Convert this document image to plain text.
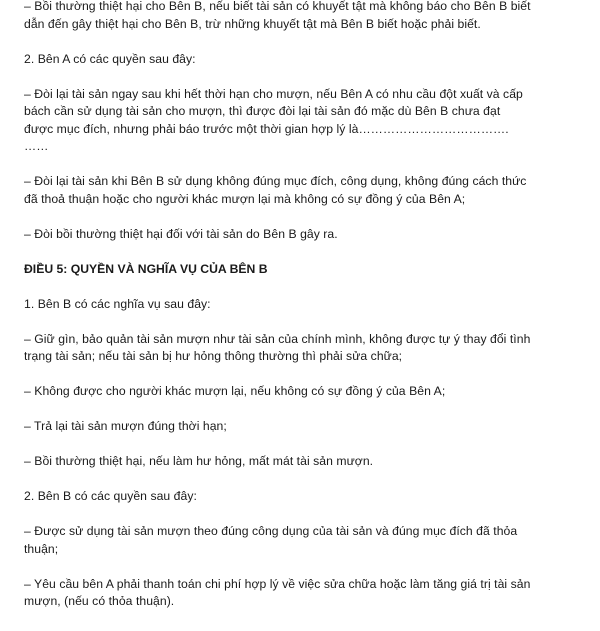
– Bồi thường thiệt hại cho Bên B, nếu biết tài sản có khuyết tật mà không báo cho Bên B biết
dẫn đến gây thiệt hại cho Bên B, trừ những khuyết tật mà Bên B biết hoặc phải biết.

2. Bên A có các quyền sau đây:

– Đòi lại tài sản ngay sau khi hết thời hạn cho mượn, nếu Bên A có nhu cầu đột xuất và cấp
bách cần sử dụng tài sản cho mượn, thì được đòi lại tài sản đó mặc dù Bên B chưa đạt
được mục đích, nhưng phải báo trước một thời gian hợp lý là……………………………….
……

– Đòi lại tài sản khi Bên B sử dụng không đúng mục đích, công dụng, không đúng cách thức
đã thoả thuận hoặc cho người khác mượn lại mà không có sự đồng ý của Bên A;

– Đòi bồi thường thiệt hại đối với tài sản do Bên B gây ra.

ĐIỀU 5: QUYỀN VÀ NGHĨA VỤ CỦA BÊN B

1. Bên B có các nghĩa vụ sau đây:

– Giữ gìn, bảo quản tài sản mượn như tài sản của chính mình, không được tự ý thay đổi tình
trạng tài sản; nếu tài sản bị hư hỏng thông thường thì phải sửa chữa;

– Không được cho người khác mượn lại, nếu không có sự đồng ý của Bên A;

– Trả lại tài sản mượn đúng thời hạn;

– Bồi thường thiệt hại, nếu làm hư hỏng, mất mát tài sản mượn.

2. Bên B có các quyền sau đây:

– Được sử dụng tài sản mượn theo đúng công dụng của tài sản và đúng mục đích đã thỏa
thuận;

– Yêu cầu bên A phải thanh toán chi phí hợp lý về việc sửa chữa hoặc làm tăng giá trị tài sản
mượn, (nếu có thỏa thuận).
